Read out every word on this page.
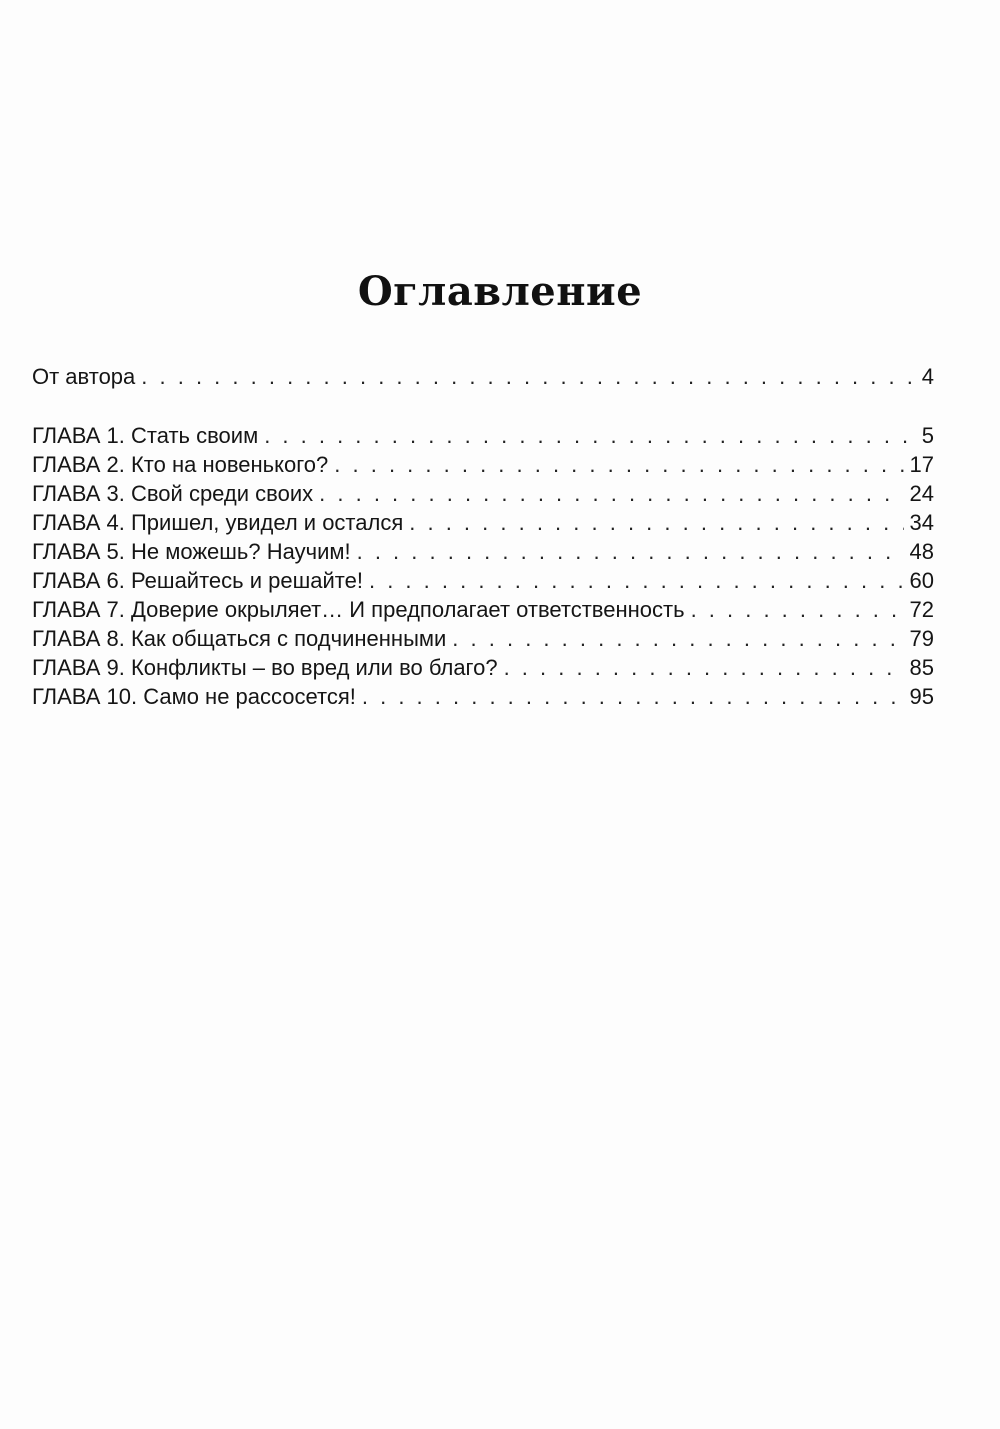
Оглавление
От автора . . .	4
ГЛАВА 1. Стать своим . . .	5
ГЛАВА 2. Кто на новенького? . . .	17
ГЛАВА 3. Свой среди своих . . .	24
ГЛАВА 4. Пришел, увидел и остался . . .	34
ГЛАВА 5. Не можешь? Научим! . . .	48
ГЛАВА 6. Решайтесь и решайте! . . .	60
ГЛАВА 7. Доверие окрыляет… И предполагает ответственность . . .	72
ГЛАВА 8. Как общаться с подчиненными . . .	79
ГЛАВА 9. Конфликты – во вред или во благо? . . .	85
ГЛАВА 10. Само не рассосется! . . .	95
